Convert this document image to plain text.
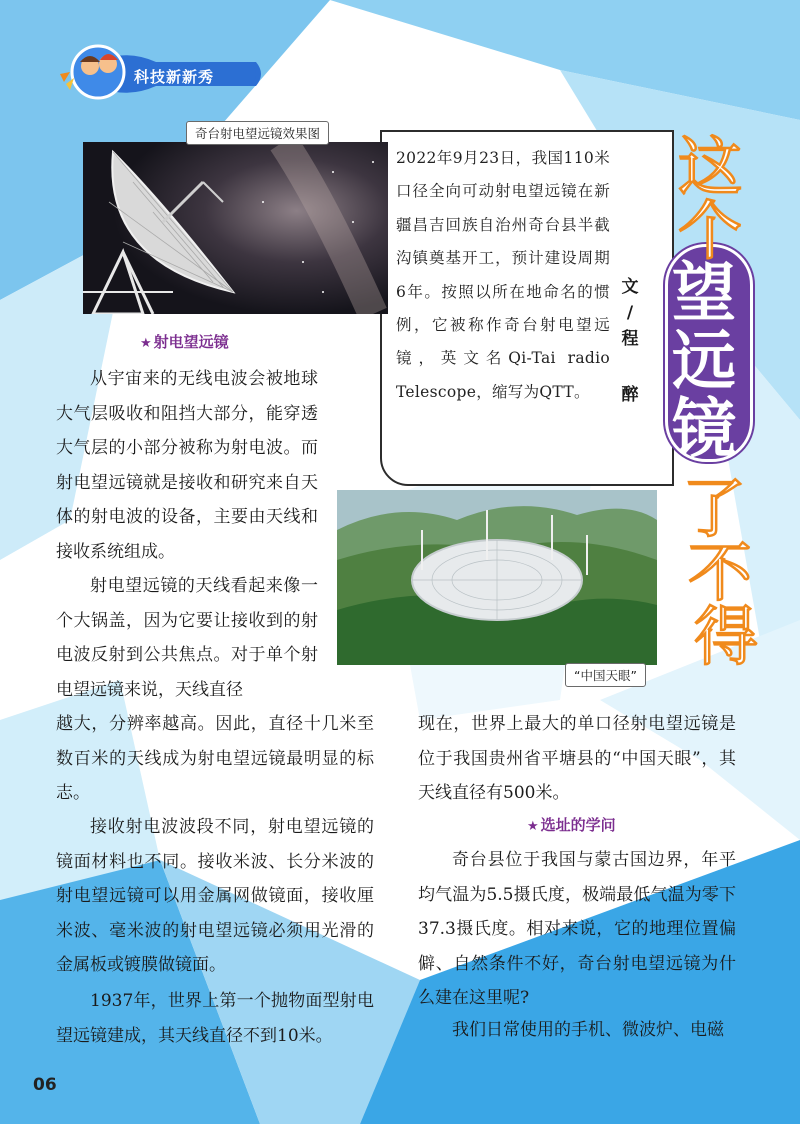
科技新新秀
奇台射电望远镜效果图
2022年9月23日，我国110米口径全向可动射电望远镜在新疆昌吉回族自治州奇台县半截沟镇奠基开工，预计建设周期6年。按照以所在地命名的惯例，它被称作奇台射电望远镜，英文名Qi-Tai radio Telescope，缩写为QTT。
文
/
程
醉
这
个
望
远
镜
了
不
得
“中国天眼”
★ 射电望远镜
从宇宙来的无线电波会被地球大气层吸收和阻挡大部分，能穿透大气层的小部分被称为射电波。而射电望远镜就是接收和研究来自天体的射电波的设备，主要由天线和接收系统组成。
射电望远镜的天线看起来像一个大锅盖，因为它要让接收到的射电波反射到公共焦点。对于单个射电望远镜来说，天线直径
越大，分辨率越高。因此，直径十几米至数百米的天线成为射电望远镜最明显的标志。
接收射电波波段不同，射电望远镜的镜面材料也不同。接收米波、长分米波的射电望远镜可以用金属网做镜面，接收厘米波、毫米波的射电望远镜必须用光滑的金属板或镀膜做镜面。
1937年，世界上第一个抛物面型射电望远镜建成，其天线直径不到10米。
现在，世界上最大的单口径射电望远镜是位于我国贵州省平塘县的“中国天眼”，其天线直径有500米。
★ 选址的学问
奇台县位于我国与蒙古国边界，年平均气温为5.5摄氏度，极端最低气温为零下37.3摄氏度。相对来说，它的地理位置偏僻、自然条件不好，奇台射电望远镜为什么建在这里呢?
我们日常使用的手机、微波炉、电磁
06
